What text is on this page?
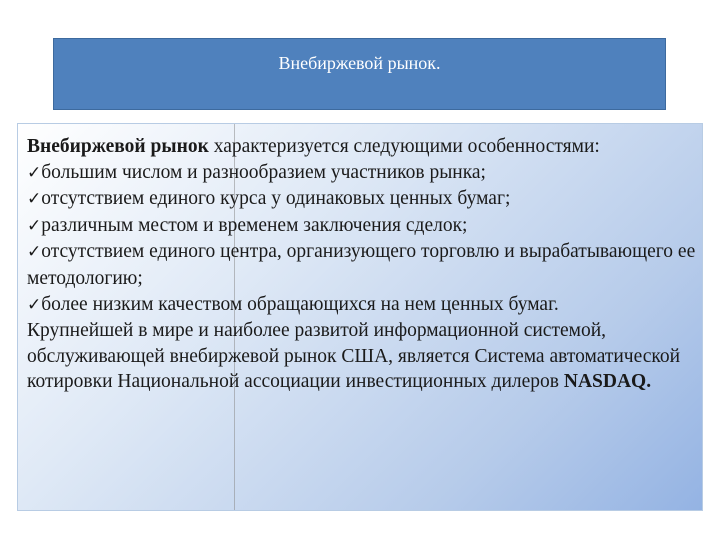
Внебиржевой рынок.

Внебиржевой рынок характеризуется следующими особенностями:

✓большим числом и разнообразием участников рынка;

✓отсутствием единого курса у одинаковых ценных бумаг;

✓различным местом и временем заключения сделок;

✓отсутствием единого центра, организующего торговлю и вырабатывающего ее методологию;

✓более низким качеством обращающихся на нем ценных бумаг.

Крупнейшей в мире и наиболее развитой информационной системой, обслуживающей внебиржевой рынок США, является Система автоматической котировки Национальной ассоциации инвестиционных дилеров NASDAQ.
